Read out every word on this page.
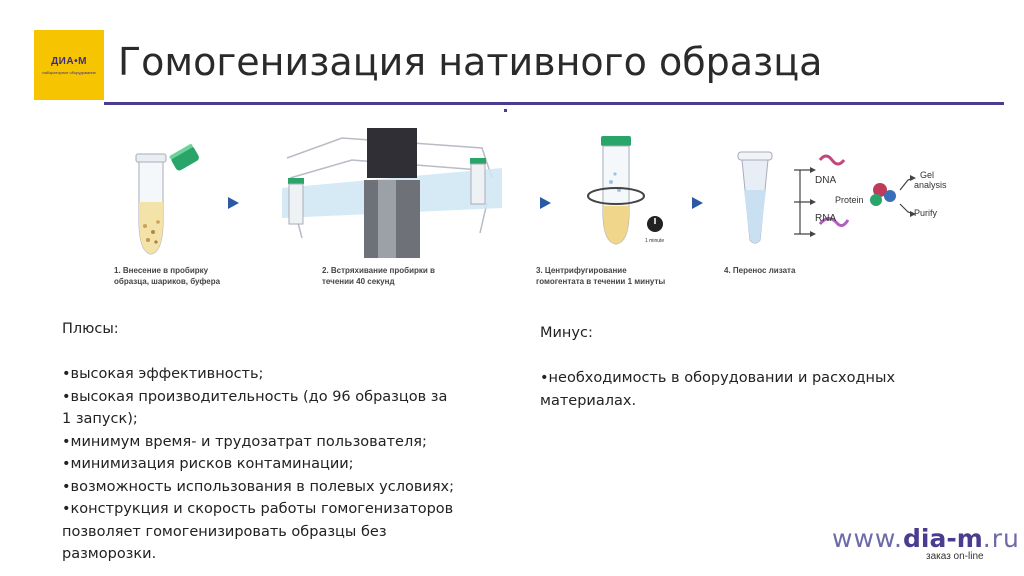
ДИА•М
лабораторное оборудование Гомогенизация нативного образца
1 minute
DNA
Protein
RNA
Gel
analysis
Purify
1. Внесение в пробирку
образца, шариков, буфера
2. Встряхивание пробирки в
течении 40 секунд
3. Центрифугирование
гомогентата в течении 1 минуты
4. Перенос лизата
Плюсы:
•высокая эффективность;
•высокая производительность (до 96 образцов за
1 запуск);
•минимум время- и трудозатрат пользователя;
•минимизация рисков контаминации;
•возможность использования в полевых условиях;
•конструкция и скорость работы гомогенизаторов
позволяет гомогенизировать образцы без
разморозки.
Минус:
•необходимость в оборудовании и расходных
материалах.
www.dia-m.ru
заказ on-line
